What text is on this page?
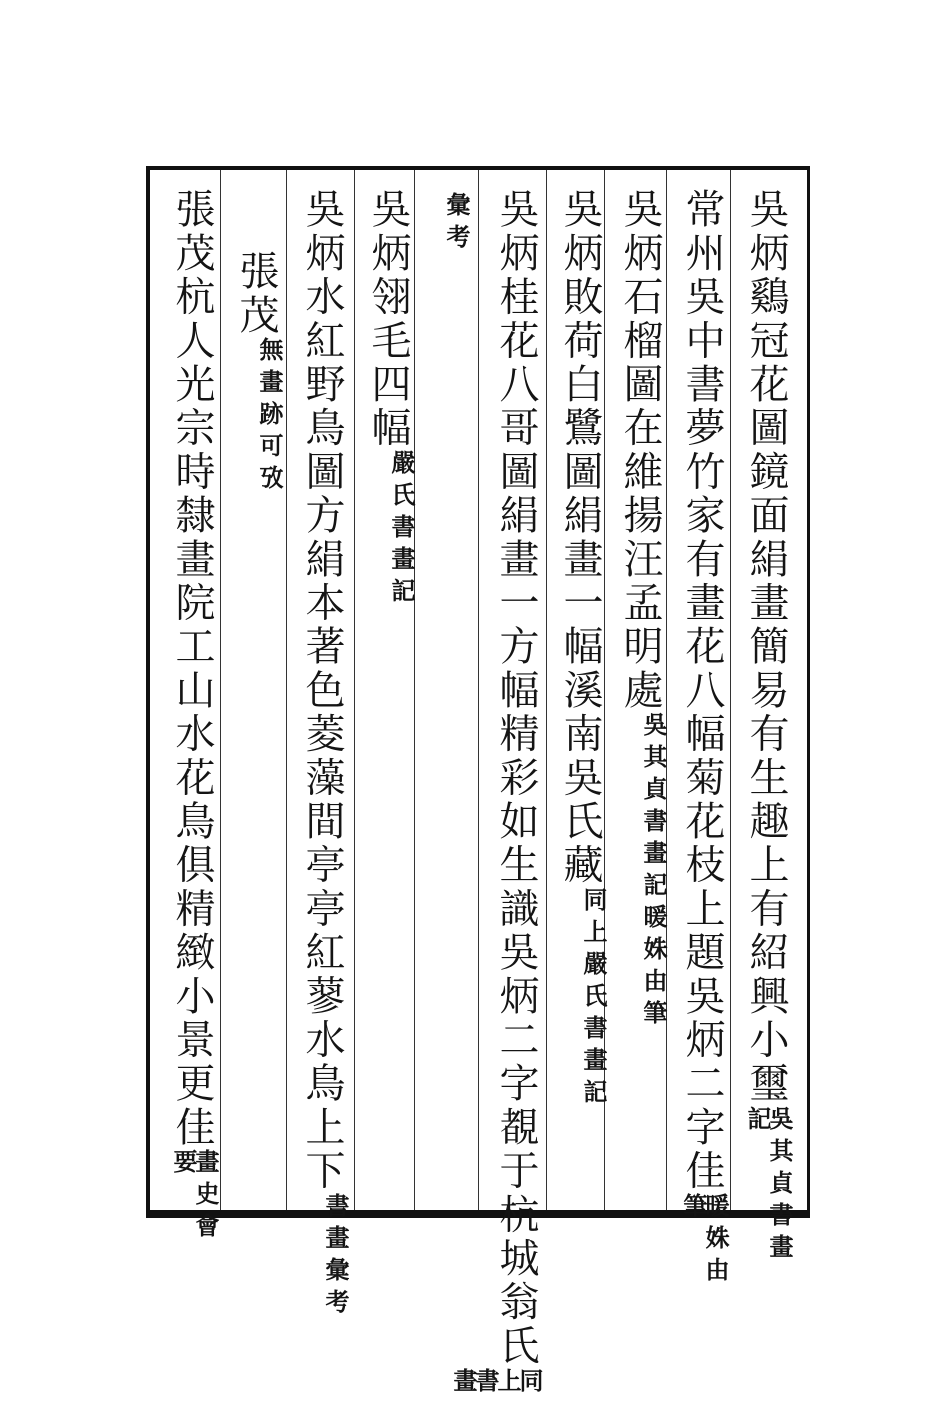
吳炳鷄冠花圖鏡面絹畫簡易有生趣上有紹興小璽吳其貞書畫記
常州吳中書夢竹家有畫花八幅菊花枝上題吳炳二字佳暖姝由筆
吳炳石榴圖在維揚汪孟明處吳其貞書畫記暖姝由筆
吳炳敗荷白鷺圖絹畫一幅溪南吳氏藏同上嚴氏書畫記
吳炳桂花八哥圖絹畫一方幅精彩如生識吳炳二字覩于杭城翁氏同上書畫
彙考
吳炳翎毛四幅嚴氏書畫記
吳炳水紅野鳥圖方絹本著色菱藻間亭亭紅蓼水鳥上下書畫彙考
張茂無畫跡可攷
張茂杭人光宗時隸畫院工山水花鳥俱精緻小景更佳畫史會要
